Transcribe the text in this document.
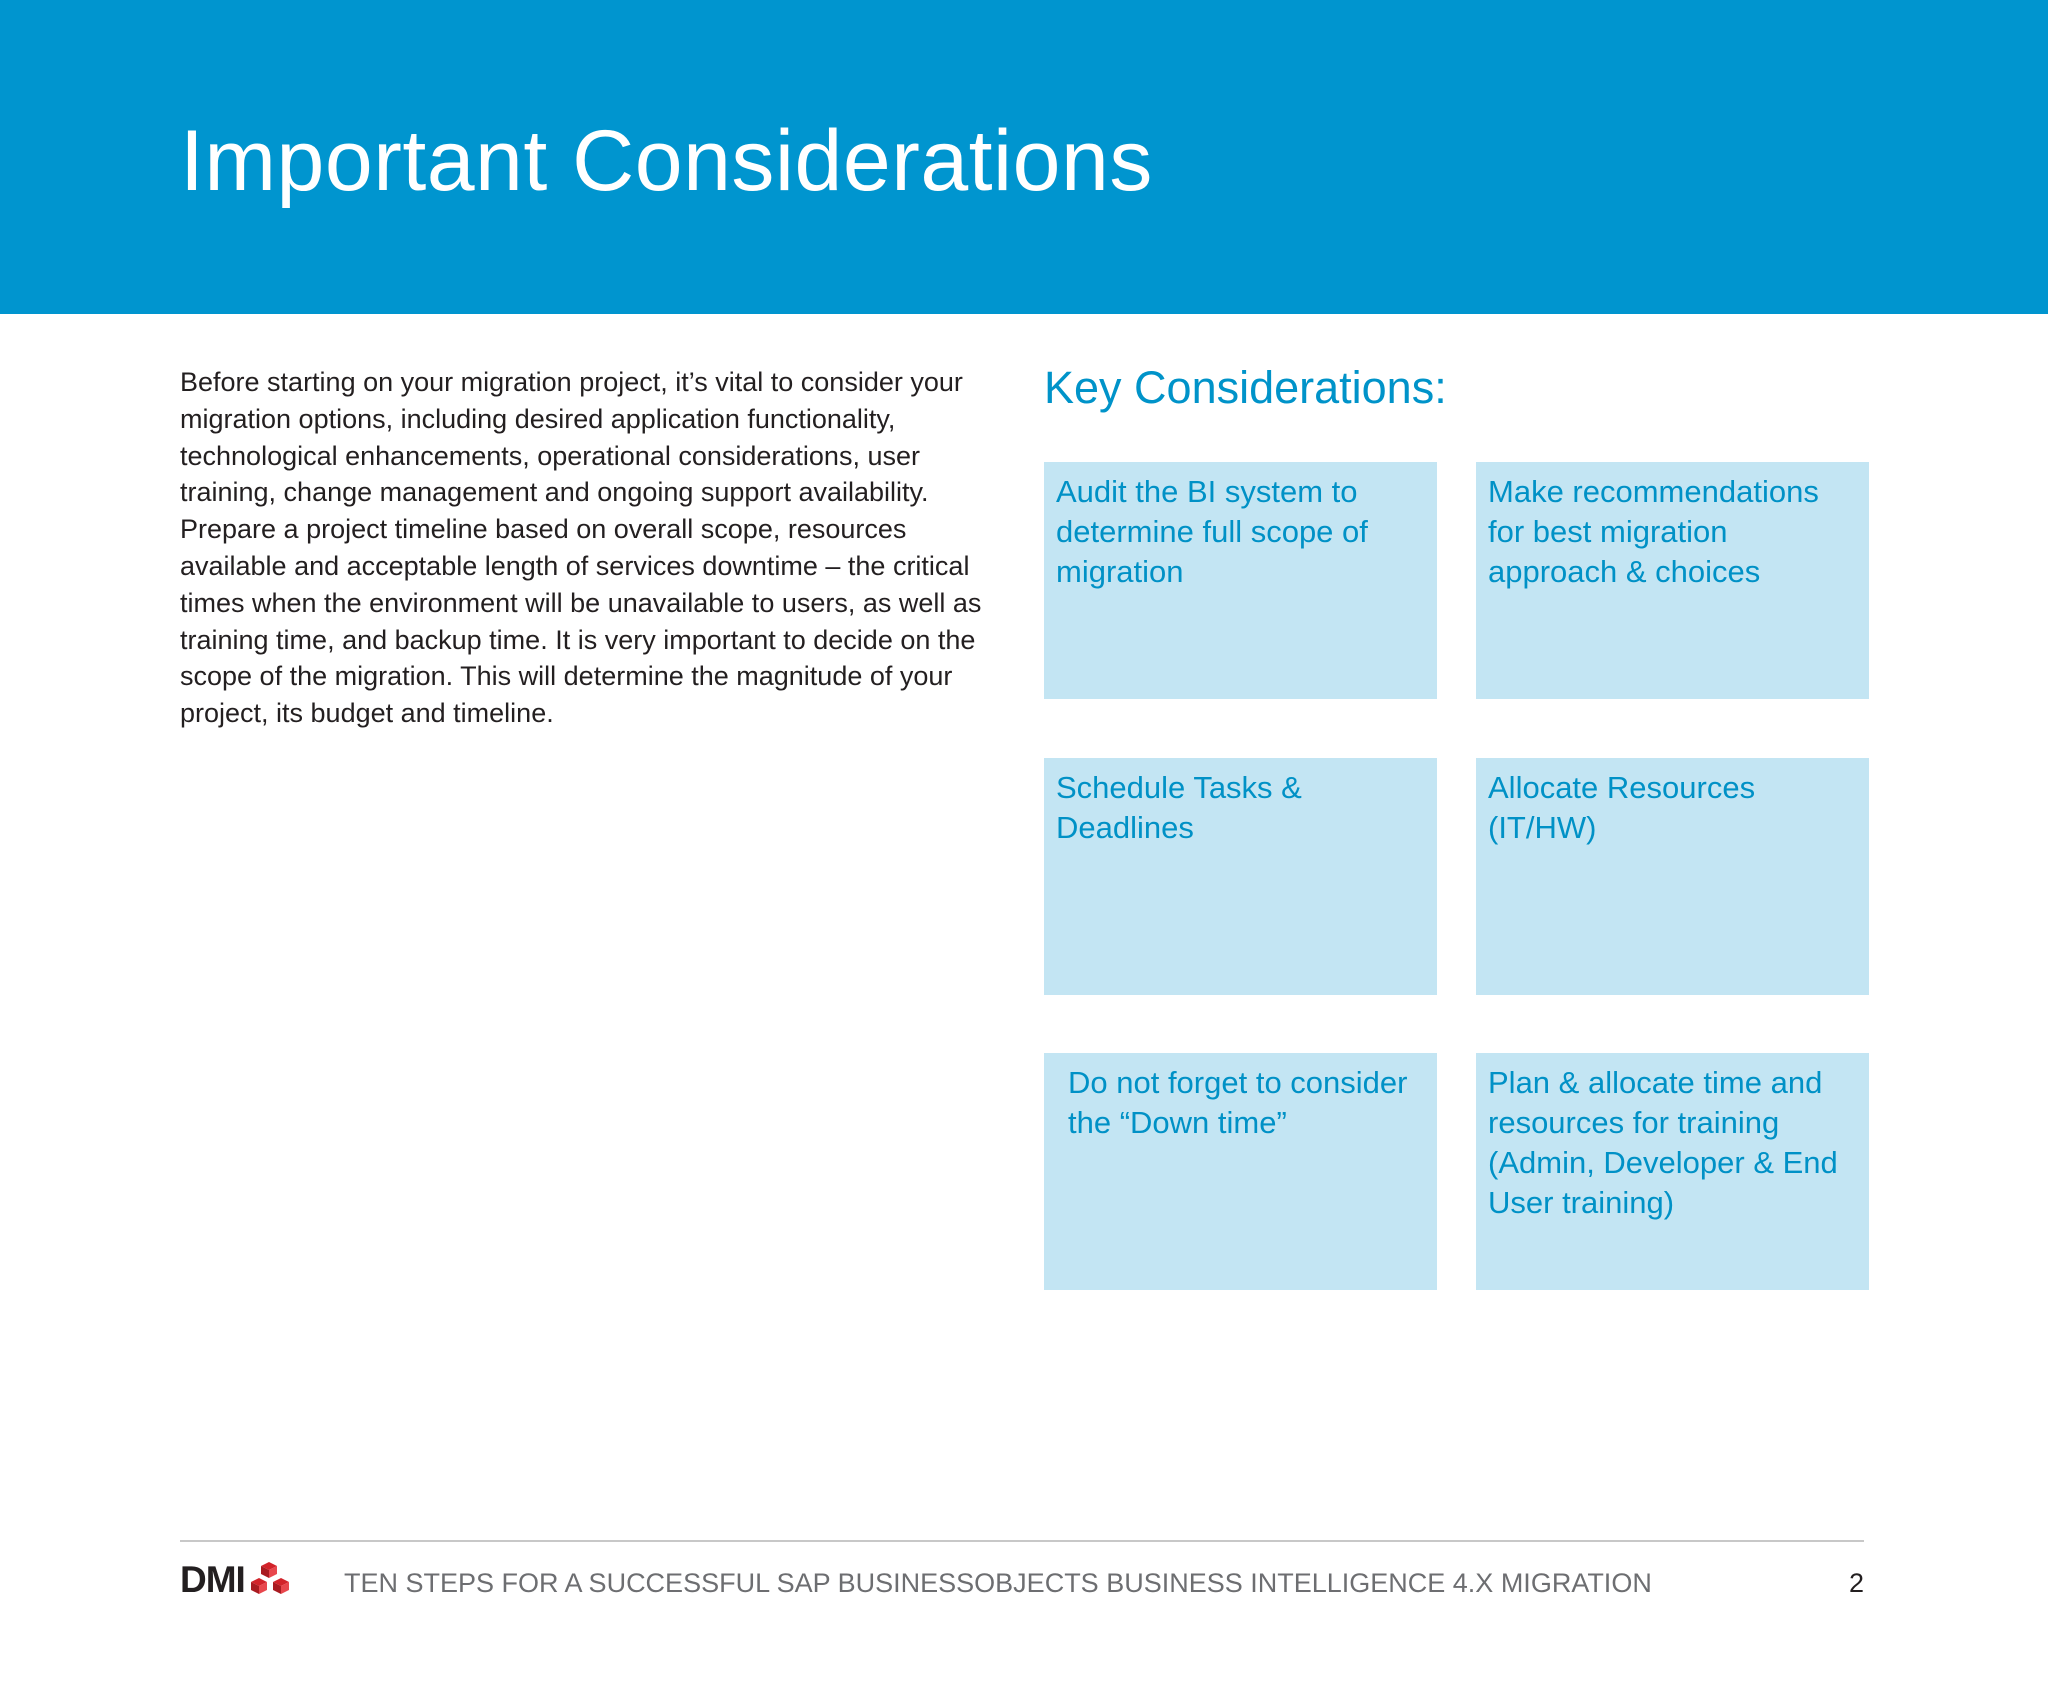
Important Considerations

Before starting on your migration project, it’s vital to consider your migration options, including desired application functionality, technological enhancements, operational considerations, user training, change management and ongoing support availability. Prepare a project timeline based on overall scope, resources available and acceptable length of services downtime – the critical times when the environment will be unavailable to users, as well as training time, and backup time. It is very important to decide on the scope of the migration. This will determine the magnitude of your project, its budget and timeline.

Key Considerations:
Audit the BI system to determine full scope of migration
Make recommendations for best migration approach & choices
Schedule Tasks & Deadlines
Allocate Resources (IT/HW)
Do not forget to consider the “Down time”
Plan & allocate time and resources for training (Admin, Developer & End User training)
DMI	TEN STEPS FOR A SUCCESSFUL SAP BUSINESSOBJECTS BUSINESS INTELLIGENCE 4.X MIGRATION	2
